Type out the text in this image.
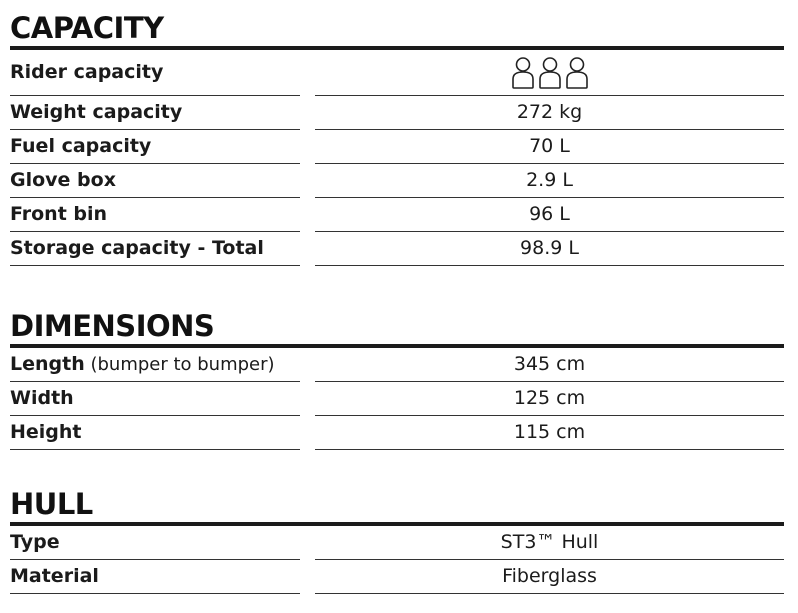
CAPACITY
Rider capacity
Weight capacity	272 kg
Fuel capacity	70 L
Glove box	2.9 L
Front bin	96 L
Storage capacity - Total	98.9 L
DIMENSIONS
Length (bumper to bumper)	345 cm
Width	125 cm
Height	115 cm
HULL
Type	ST3™ Hull
Material	Fiberglass
